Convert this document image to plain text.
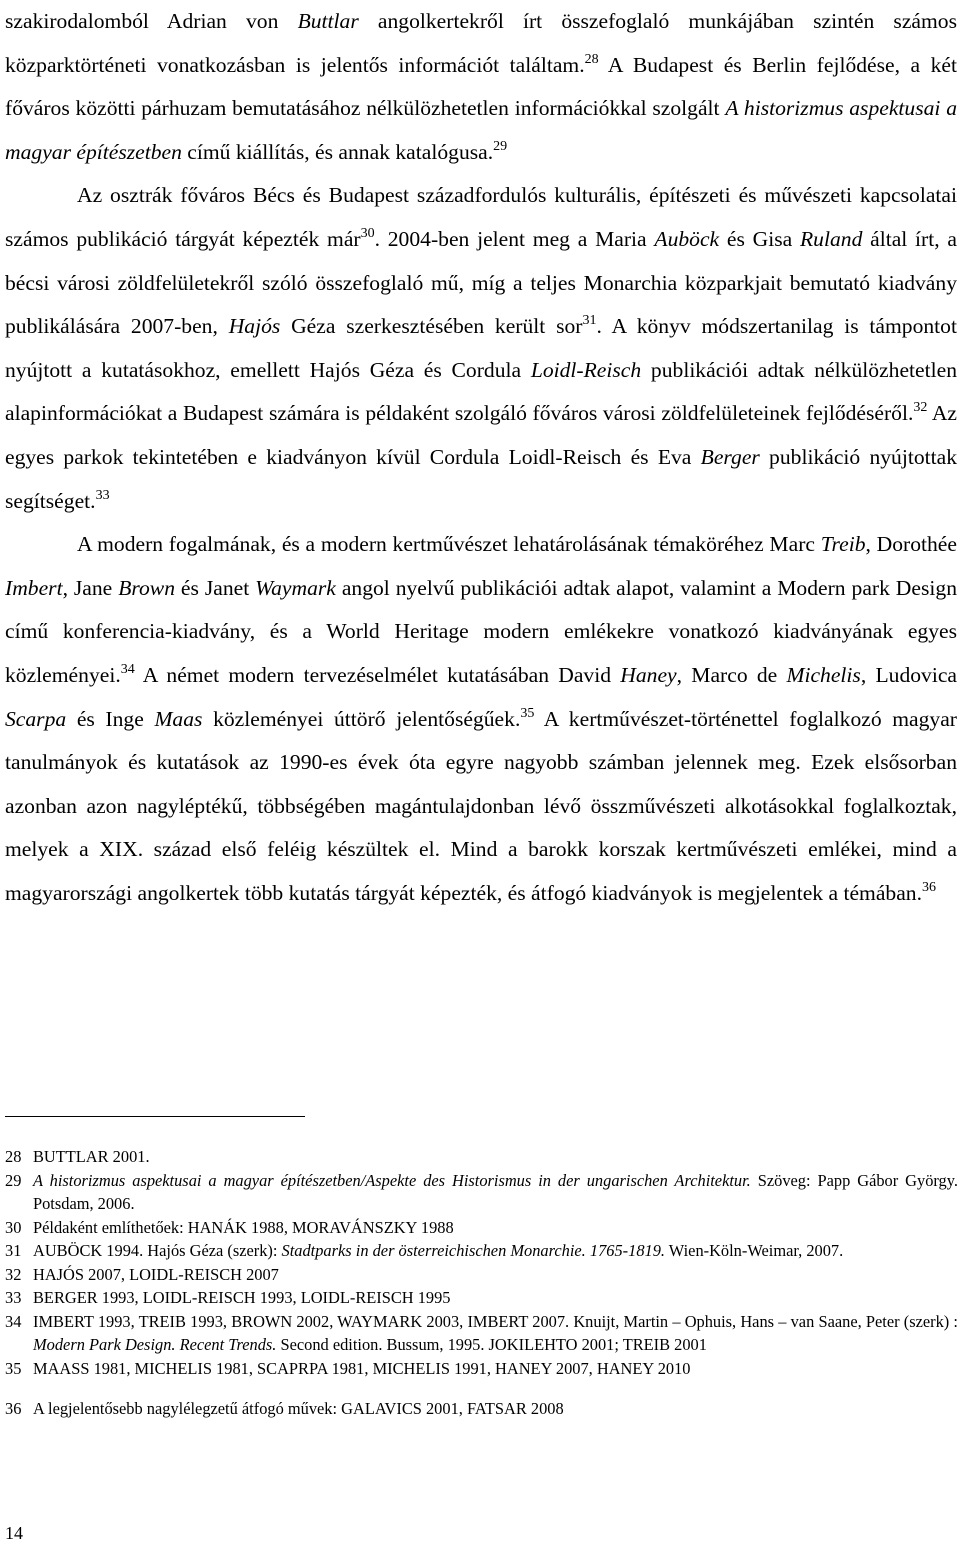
szakirodalomból Adrian von Buttlar angolkertekről írt összefoglaló munkájában szintén számos közparktörténeti vonatkozásban is jelentős információt találtam.$^{28}$ A Budapest és Berlin fejlődése, a két főváros közötti párhuzam bemutatásához nélkülözhetetlen információkkal szolgált A historizmus aspektusai a magyar építészetben című kiállítás, és annak katalógusa.$^{29}$

Az osztrák főváros Bécs és Budapest századfordulós kulturális, építészeti és művészeti kapcsolatai számos publikáció tárgyát képezték már$^{30}$. 2004-ben jelent meg a Maria Auböck és Gisa Ruland által írt, a bécsi városi zöldfelületekről szóló összefoglaló mű, míg a teljes Monarchia közparkjait bemutató kiadvány publikálására 2007-ben, Hajós Géza szerkesztésében került sor$^{31}$. A könyv módszertanilag is támpontot nyújtott a kutatásokhoz, emellett Hajós Géza és Cordula Loidl-Reisch publikációi adtak nélkülözhetetlen alapinformációkat a Budapest számára is példaként szolgáló főváros városi zöldfelületeinek fejlődéséről.$^{32}$ Az egyes parkok tekintetében e kiadványon kívül Cordula Loidl-Reisch és Eva Berger publikáció nyújtottak segítséget.$^{33}$

A modern fogalmának, és a modern kertművészet lehatárolásának témaköréhez Marc Treib, Dorothée Imbert, Jane Brown és Janet Waymark angol nyelvű publikációi adtak alapot, valamint a Modern park Design című konferencia-kiadvány, és a World Heritage modern emlékekre vonatkozó kiadványának egyes közleményei.$^{34}$ A német modern tervezéselmélet kutatásában David Haney, Marco de Michelis, Ludovica Scarpa és Inge Maas közleményei úttörő jelentőségűek.$^{35}$ A kertművészet-történettel foglalkozó magyar tanulmányok és kutatások az 1990-es évek óta egyre nagyobb számban jelennek meg. Ezek elsősorban azonban azon nagyléptékű, többségében magántulajdonban lévő összművészeti alkotásokkal foglalkoztak, melyek a XIX. század első feléig készültek el. Mind a barokk korszak kertművészeti emlékei, mind a magyarországi angolkertek több kutatás tárgyát képezték, és átfogó kiadványok is megjelentek a témában.$^{36}$

28 BUTTLAR 2001.
29 A historizmus aspektusai a magyar építészetben/Aspekte des Historismus in der ungarischen Architektur. Szöveg: Papp Gábor György. Potsdam, 2006.
30 Példaként említhetőek: HANÁK 1988, MORAVÁNSZKY 1988
31 AUBÖCK 1994. Hajós Géza (szerk): Stadtparks in der österreichischen Monarchie. 1765-1819. Wien-Köln-Weimar, 2007.
32 HAJÓS 2007, LOIDL-REISCH 2007
33 BERGER 1993, LOIDL-REISCH 1993, LOIDL-REISCH 1995
34 IMBERT 1993, TREIB 1993, BROWN 2002, WAYMARK 2003, IMBERT 2007. Knuijt, Martin – Ophuis, Hans – van Saane, Peter (szerk) : Modern Park Design. Recent Trends. Second edition. Bussum, 1995. JOKILEHTO 2001; TREIB 2001
35 MAASS 1981, MICHELIS 1981, SCAPRPA 1981, MICHELIS 1991, HANEY 2007, HANEY 2010
36 A legjelentősebb nagylélegzetű átfogó művek: GALAVICS 2001, FATSAR 2008
14
